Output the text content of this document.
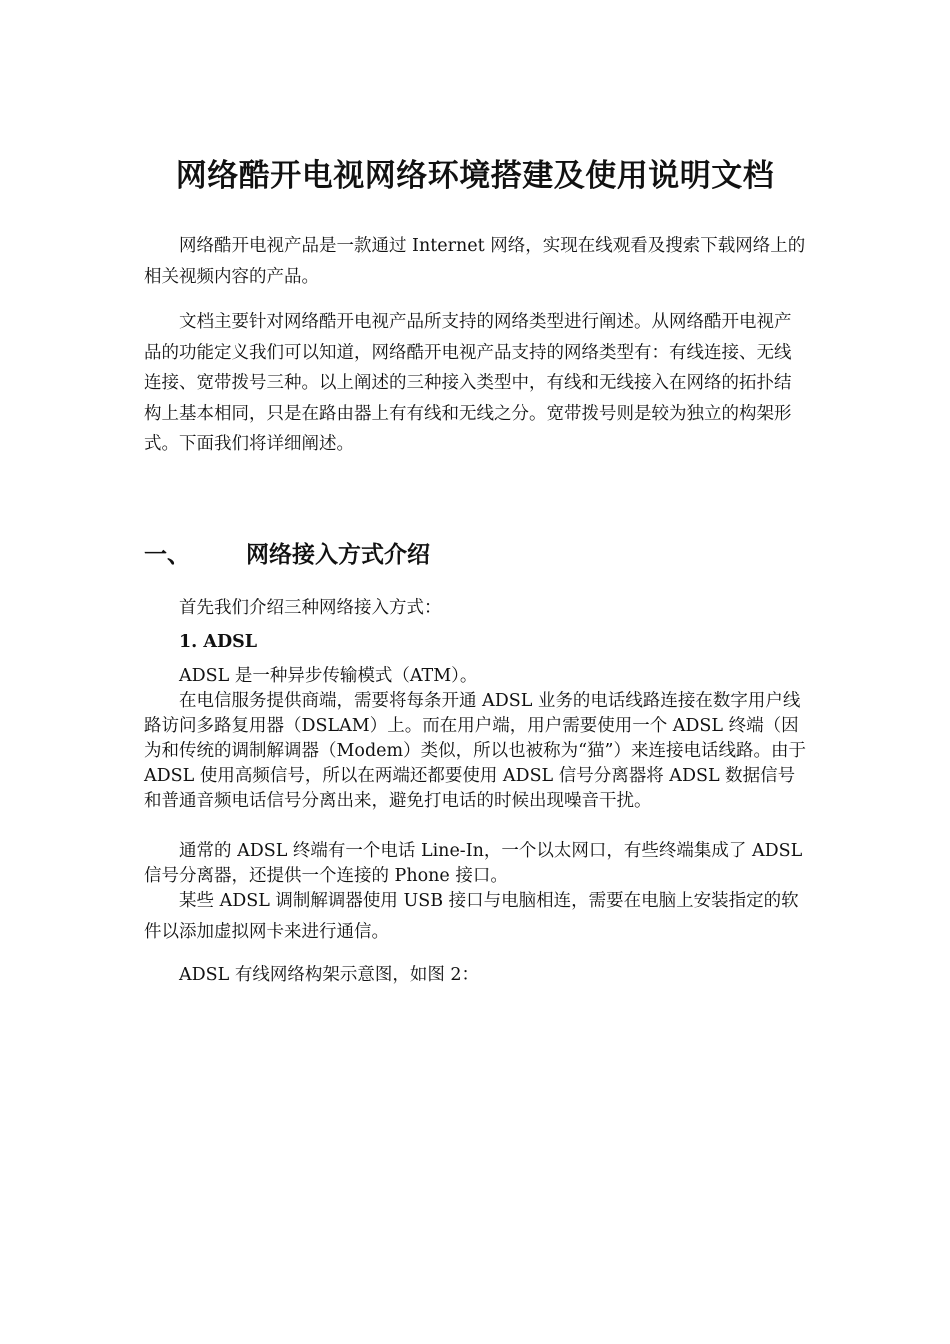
网络酷开电视网络环境搭建及使用说明文档
网络酷开电视产品是一款通过 Internet 网络，实现在线观看及搜索下载网络上的相关视频内容的产品。
文档主要针对网络酷开电视产品所支持的网络类型进行阐述。从网络酷开电视产品的功能定义我们可以知道，网络酷开电视产品支持的网络类型有：有线连接、无线连接、宽带拨号三种。以上阐述的三种接入类型中，有线和无线接入在网络的拓扑结构上基本相同，只是在路由器上有有线和无线之分。宽带拨号则是较为独立的构架形式。下面我们将详细阐述。
一、 网络接入方式介绍
首先我们介绍三种网络接入方式：
1. ADSL
ADSL 是一种异步传输模式（ATM）。
在电信服务提供商端，需要将每条开通 ADSL 业务的电话线路连接在数字用户线路访问多路复用器（DSLAM）上。而在用户端，用户需要使用一个 ADSL 终端（因为和传统的调制解调器（Modem）类似，所以也被称为“猫”）来连接电话线路。由于 ADSL 使用高频信号，所以在两端还都要使用 ADSL 信号分离器将 ADSL 数据信号和普通音频电话信号分离出来，避免打电话的时候出现噪音干扰。
通常的 ADSL 终端有一个电话 Line-In，一个以太网口，有些终端集成了 ADSL 信号分离器，还提供一个连接的 Phone 接口。
某些 ADSL 调制解调器使用 USB 接口与电脑相连，需要在电脑上安装指定的软件以添加虚拟网卡来进行通信。
ADSL 有线网络构架示意图，如图 2：
